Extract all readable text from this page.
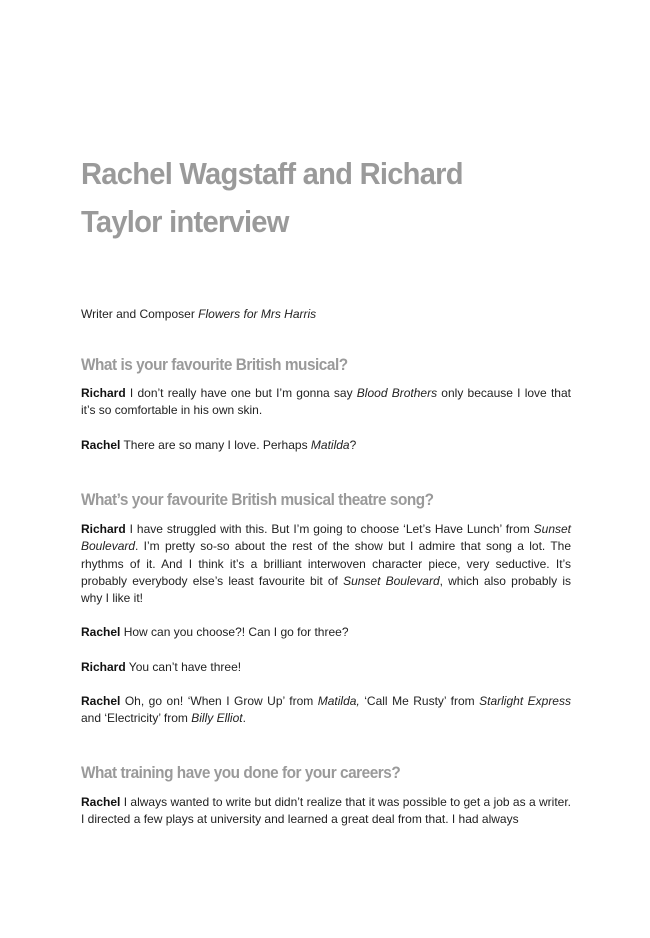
Rachel Wagstaff and Richard Taylor interview

Writer and Composer Flowers for Mrs Harris

What is your favourite British musical?

Richard I don’t really have one but I’m gonna say Blood Brothers only because I love that it’s so comfortable in his own skin.

Rachel There are so many I love. Perhaps Matilda?

What’s your favourite British musical theatre song?

Richard I have struggled with this. But I’m going to choose ‘Let’s Have Lunch’ from Sunset Boulevard. I’m pretty so-so about the rest of the show but I admire that song a lot. The rhythms of it. And I think it’s a brilliant interwoven character piece, very seductive. It’s probably everybody else’s least favourite bit of Sunset Boulevard, which also probably is why I like it!

Rachel How can you choose?! Can I go for three?

Richard You can’t have three!

Rachel Oh, go on! ‘When I Grow Up’ from Matilda, ‘Call Me Rusty’ from Starlight Express and ‘Electricity’ from Billy Elliot.

What training have you done for your careers?

Rachel I always wanted to write but didn’t realize that it was possible to get a job as a writer. I directed a few plays at university and learned a great deal from that. I had always
